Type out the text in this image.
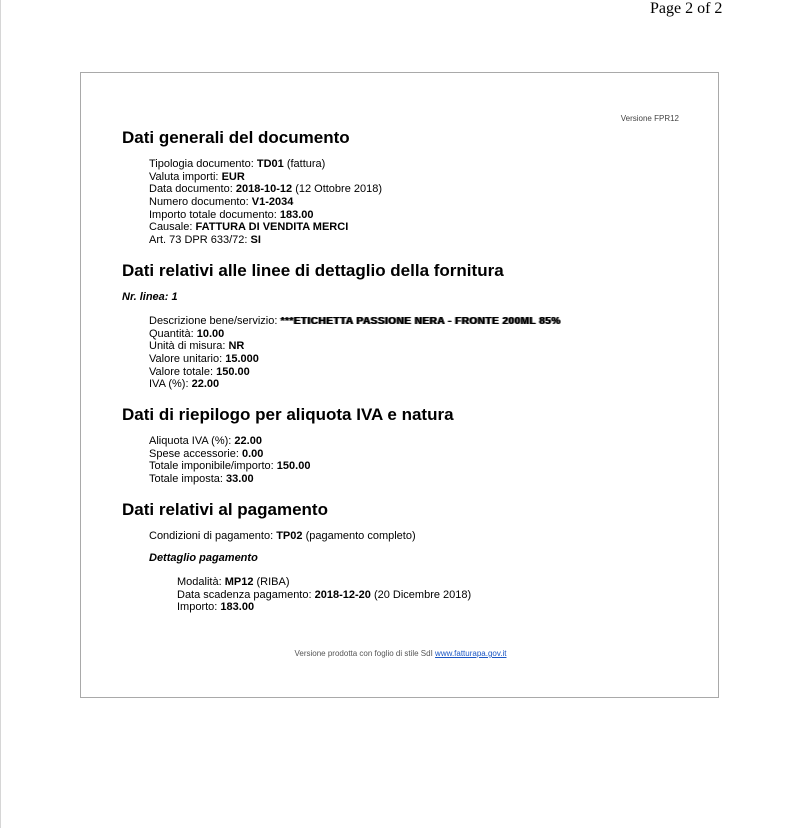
Page 2 of 2
Versione FPR12
Dati generali del documento
Tipologia documento: TD01 (fattura)
Valuta importi: EUR
Data documento: 2018-10-12 (12 Ottobre 2018)
Numero documento: V1-2034
Importo totale documento: 183.00
Causale: FATTURA DI VENDITA MERCI
Art. 73 DPR 633/72: SI
Dati relativi alle linee di dettaglio della fornitura
Nr. linea: 1
Descrizione bene/servizio: ***ETICHETTA PASSIONE NERA - FRONTE 200ML 85%
Quantità: 10.00
Unità di misura: NR
Valore unitario: 15.000
Valore totale: 150.00
IVA (%): 22.00
Dati di riepilogo per aliquota IVA e natura
Aliquota IVA (%): 22.00
Spese accessorie: 0.00
Totale imponibile/importo: 150.00
Totale imposta: 33.00
Dati relativi al pagamento
Condizioni di pagamento: TP02 (pagamento completo)
Dettaglio pagamento
Modalità: MP12 (RIBA)
Data scadenza pagamento: 2018-12-20 (20 Dicembre 2018)
Importo: 183.00
Versione prodotta con foglio di stile SdI www.fatturapa.gov.it
